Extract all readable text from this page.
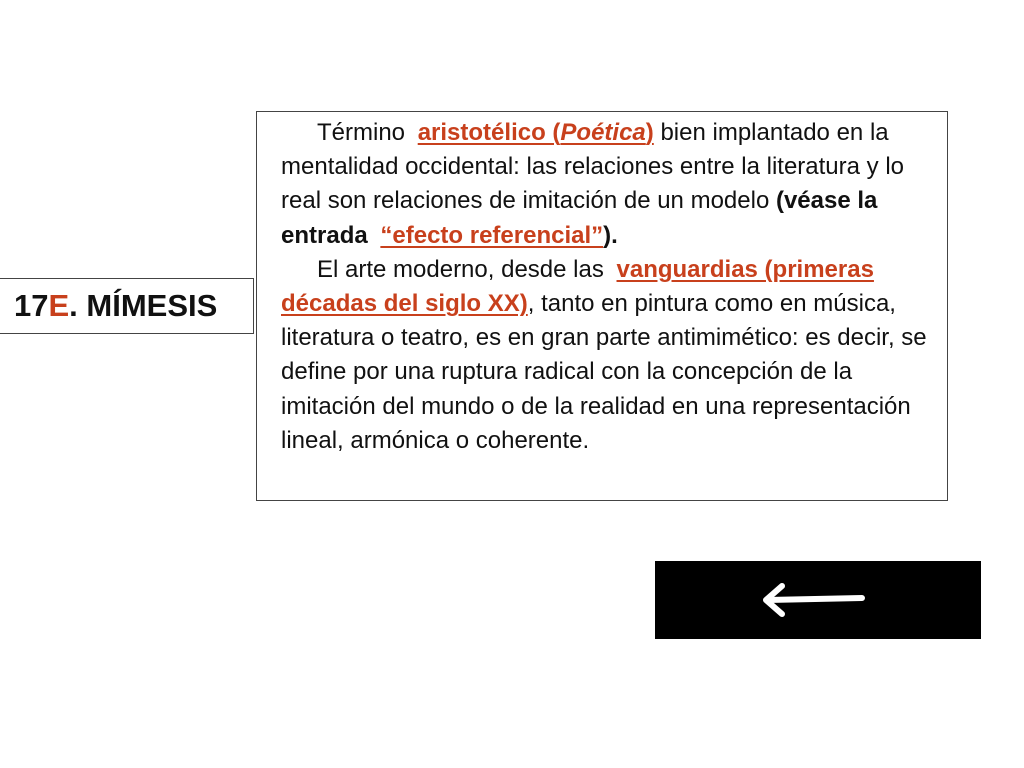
17E. MÍMESIS

Término aristotélico (Poética) bien implantado en la mentalidad occidental: las relaciones entre la literatura y lo real son relaciones de imitación de un modelo (véase la entrada “efecto referencial”).

El arte moderno, desde las vanguardias (primeras décadas del siglo XX), tanto en pintura como en música, literatura o teatro, es en gran parte antimimético: es decir, se define por una ruptura radical con la concepción de la imitación del mundo o de la realidad en una representación lineal, armónica o coherente.
